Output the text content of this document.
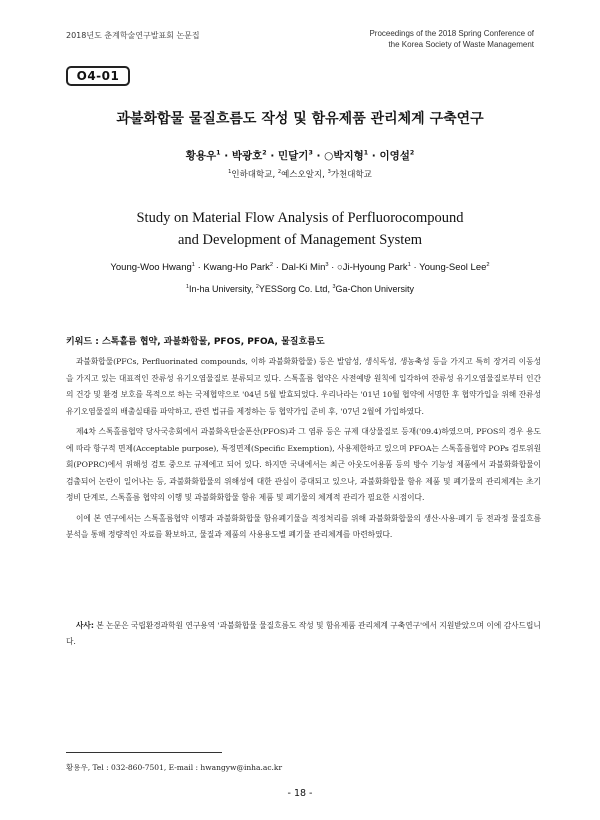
2018년도 춘계학술연구발표회 논문집	Proceedings of the 2018 Spring Conference of
the Korea Society of Waste Management
O4-01
과불화합물 물질흐름도 작성 및 함유제품 관리체계 구축연구
황용우$^1$ · 박광호$^2$ · 민달기$^3$ · ○박지형$^1$ · 이영설$^2$
$^1$인하대학교, $^2$예스오알지, $^3$가천대학교
Study on Material Flow Analysis of Perfluorocompound
and Development of Management System
Young-Woo Hwang$^1$ · Kwang-Ho Park$^2$ · Dal-Ki Min$^3$ · ○Ji-Hyoung Park$^1$ · Young-Seol Lee$^2$
$^1$In-ha University, $^2$YESSorg Co. Ltd, $^3$Ga-Chon University
키워드 : 스톡홀름 협약, 과불화합물, PFOS, PFOA, 물질흐름도

과불화합물(PFCs, Perfluorinated compounds, 이하 과불화화합물) 등은 발암성, 생식독성, 생농축성 등을 가지고 특히 장거리 이동성을 가지고 있는 대표적인 잔류성 유기오염물질로 분류되고 있다. 스톡홀름 협약은 사전예방 원칙에 입각하여 잔류성 유기오염물질로부터 인간의 건강 및 환경 보호를 목적으로 하는 국제협약으로 '04년 5월 발효되었다. 우리나라는 '01년 10월 협약에 서명한 후 협약가입을 위해 잔류성유기오염물질의 배출실태를 파악하고, 관련 법규를 제정하는 등 협약가입 준비 후, '07년 2월에 가입하였다.

제4차 스톡홀름협약 당사국총회에서 과불화옥탄술폰산(PFOS)과 그 염류 등은 규제 대상물질로 등재('09.4)하였으며, PFOS의 경우 용도에 따라 항구적 면제(Acceptable purpose), 특정면제(Specific Exemption), 사용제한하고 있으며 PFOA는 스톡홀름협약 POPs 검토위원회(POPRC)에서 위해성 검토 중으로 규제에고 되어 있다. 하지만 국내에서는 최근 아웃도어용품 등의 방수 기능성 제품에서 과불화화합물이 검출되어 논란이 일어나는 등, 과불화화합물의 위해성에 대한 관심이 증대되고 있으나, 과불화화합물 함유 제품 및 폐기물의 관리체계는 초기 정비 단계로, 스톡홀름 협약의 이행 및 과불화화합물 함유 제품 및 폐기물의 체계적 관리가 필요한 시점이다.

이에 본 연구에서는 스톡홀름협약 이행과 과불화화합물 함유폐기물을 적정처리를 위해 과불화화합물의 생산·사용·폐기 등 전과정 물질흐름분석을 통해 정량적인 자료를 확보하고, 물질과 제품의 사용용도별 폐기물 관리체계를 마련하였다.

사사: 본 논문은 국립환경과학원 연구용역 '과불화합물 물질흐름도 작성 및 함유제품 관리체계 구축연구'에서 지원받았으며 이에 감사드립니다.
황용우, Tel : 032-860-7501, E-mail : hwangyw@inha.ac.kr
- 18 -
